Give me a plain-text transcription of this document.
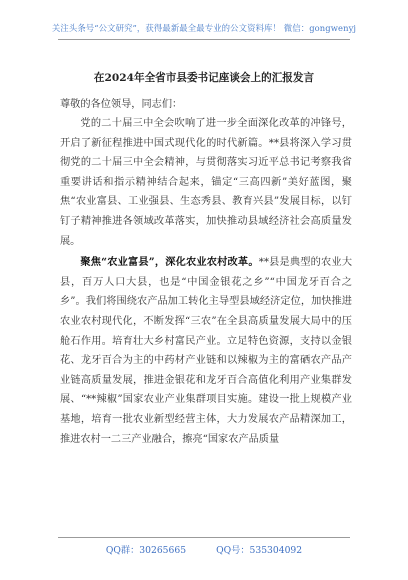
关注头条号“公文研究”，获得最新最全最专业的公文资料库！ 微信：gongwenyj
在2024年全省市县委书记座谈会上的汇报发言
尊敬的各位领导，同志们：

党的二十届三中全会吹响了进一步全面深化改革的冲锋号，开启了新征程推进中国式现代化的时代新篇。**县将深入学习贯彻党的二十届三中全会精神，与贯彻落实习近平总书记考察我省重要讲话和指示精神结合起来，锚定“三高四新”美好蓝图，聚焦“农业富县、工业强县、生态秀县、教育兴县”发展目标，以钉钉子精神推进各领域改革落实，加快推动县域经济社会高质量发展。

聚焦“农业富县”，深化农业农村改革。**县是典型的农业大县，百万人口大县，也是“中国金银花之乡”“中国龙牙百合之乡”。我们将围绕农产品加工转化主导型县域经济定位，加快推进农业农村现代化，不断发挥“三农”在全县高质量发展大局中的压舱石作用。培育壮大乡村富民产业。立足特色资源，支持以金银花、龙牙百合为主的中药材产业链和以辣椒为主的富硒农产品产业链高质量发展，推进金银花和龙牙百合高值化利用产业集群发展、“**辣椒”国家农业产业集群项目实施。建设一批上规模产业基地，培育一批农业新型经营主体，大力发展农产品精深加工，推进农村一二三产业融合，擦亮“国家农产品质量

QQ群：30265665	QQ号：535304092
